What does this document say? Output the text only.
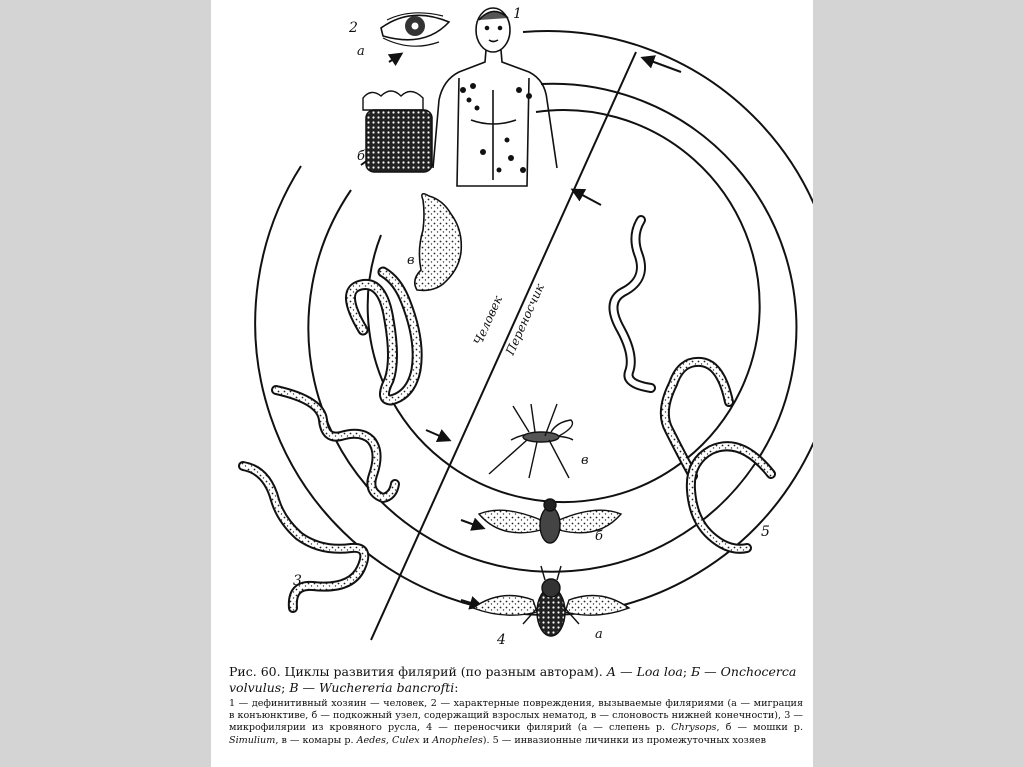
1
2
а
б
в
в
б
а
3
4
5
Человек
Переносчик

Рис. 60. Циклы развития филярий (по разным авторам). А — Loa loa; Б — Onchocerca volvulus; В — Wuchereria bancrofti:

1 — дефинитивный хозяин — человек, 2 — характерные повреждения, вызываемые филяриями (а — миграция в конъюнктиве, б — подкожный узел, содержащий взрослых нематод, в — слоновость нижней конечности), 3 — микрофилярии из кровяного русла, 4 — переносчики филярий (а — слепень р. Chrysops, б — мошки р. Simulium, в — комары р. Aedes, Culex и Anopheles). 5 — инвазионные личинки из промежуточных хозяев
